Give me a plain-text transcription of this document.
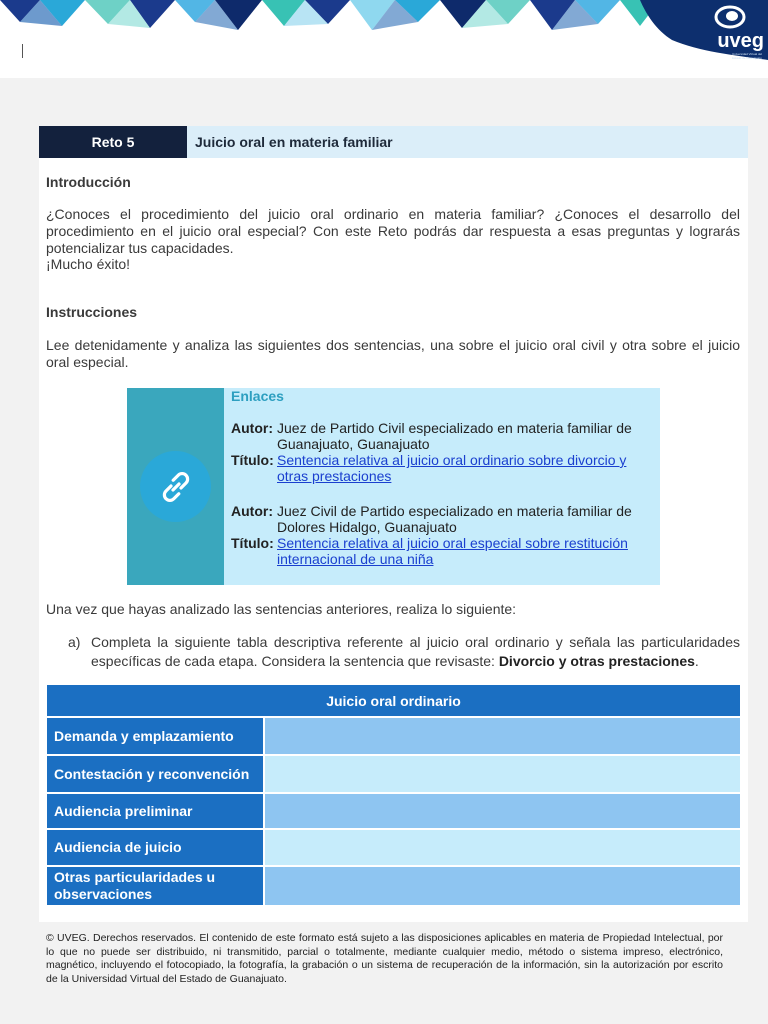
uveg
Universidad Virtual del Estado de Guanajuato
Reto 5	Juicio oral en materia familiar
Introducción
¿Conoces el procedimiento del juicio oral ordinario en materia familiar? ¿Conoces el desarrollo del procedimiento en el juicio oral especial? Con este Reto podrás dar respuesta a esas preguntas y lograrás potencializar tus capacidades.
¡Mucho éxito!
Instrucciones
Lee detenidamente y analiza las siguientes dos sentencias, una sobre el juicio oral civil y otra sobre el juicio oral especial.
Enlaces
Autor: Juez de Partido Civil especializado en materia familiar de Guanajuato, Guanajuato
Título: Sentencia relativa al juicio oral ordinario sobre divorcio y otras prestaciones
Autor: Juez Civil de Partido especializado en materia familiar de Dolores Hidalgo, Guanajuato
Título: Sentencia relativa al juicio oral especial sobre restitución internacional de una niña
Una vez que hayas analizado las sentencias anteriores, realiza lo siguiente:
a) Completa la siguiente tabla descriptiva referente al juicio oral ordinario y señala las particularidades específicas de cada etapa. Considera la sentencia que revisaste: Divorcio y otras prestaciones.
Juicio oral ordinario
Demanda y emplazamiento
Contestación y reconvención
Audiencia preliminar
Audiencia de juicio
Otras particularidades u observaciones
© UVEG. Derechos reservados. El contenido de este formato está sujeto a las disposiciones aplicables en materia de Propiedad Intelectual, por lo que no puede ser distribuido, ni transmitido, parcial o totalmente, mediante cualquier medio, método o sistema impreso, electrónico, magnético, incluyendo el fotocopiado, la fotografía, la grabación o un sistema de recuperación de la información, sin la autorización por escrito de la Universidad Virtual del Estado de Guanajuato.
